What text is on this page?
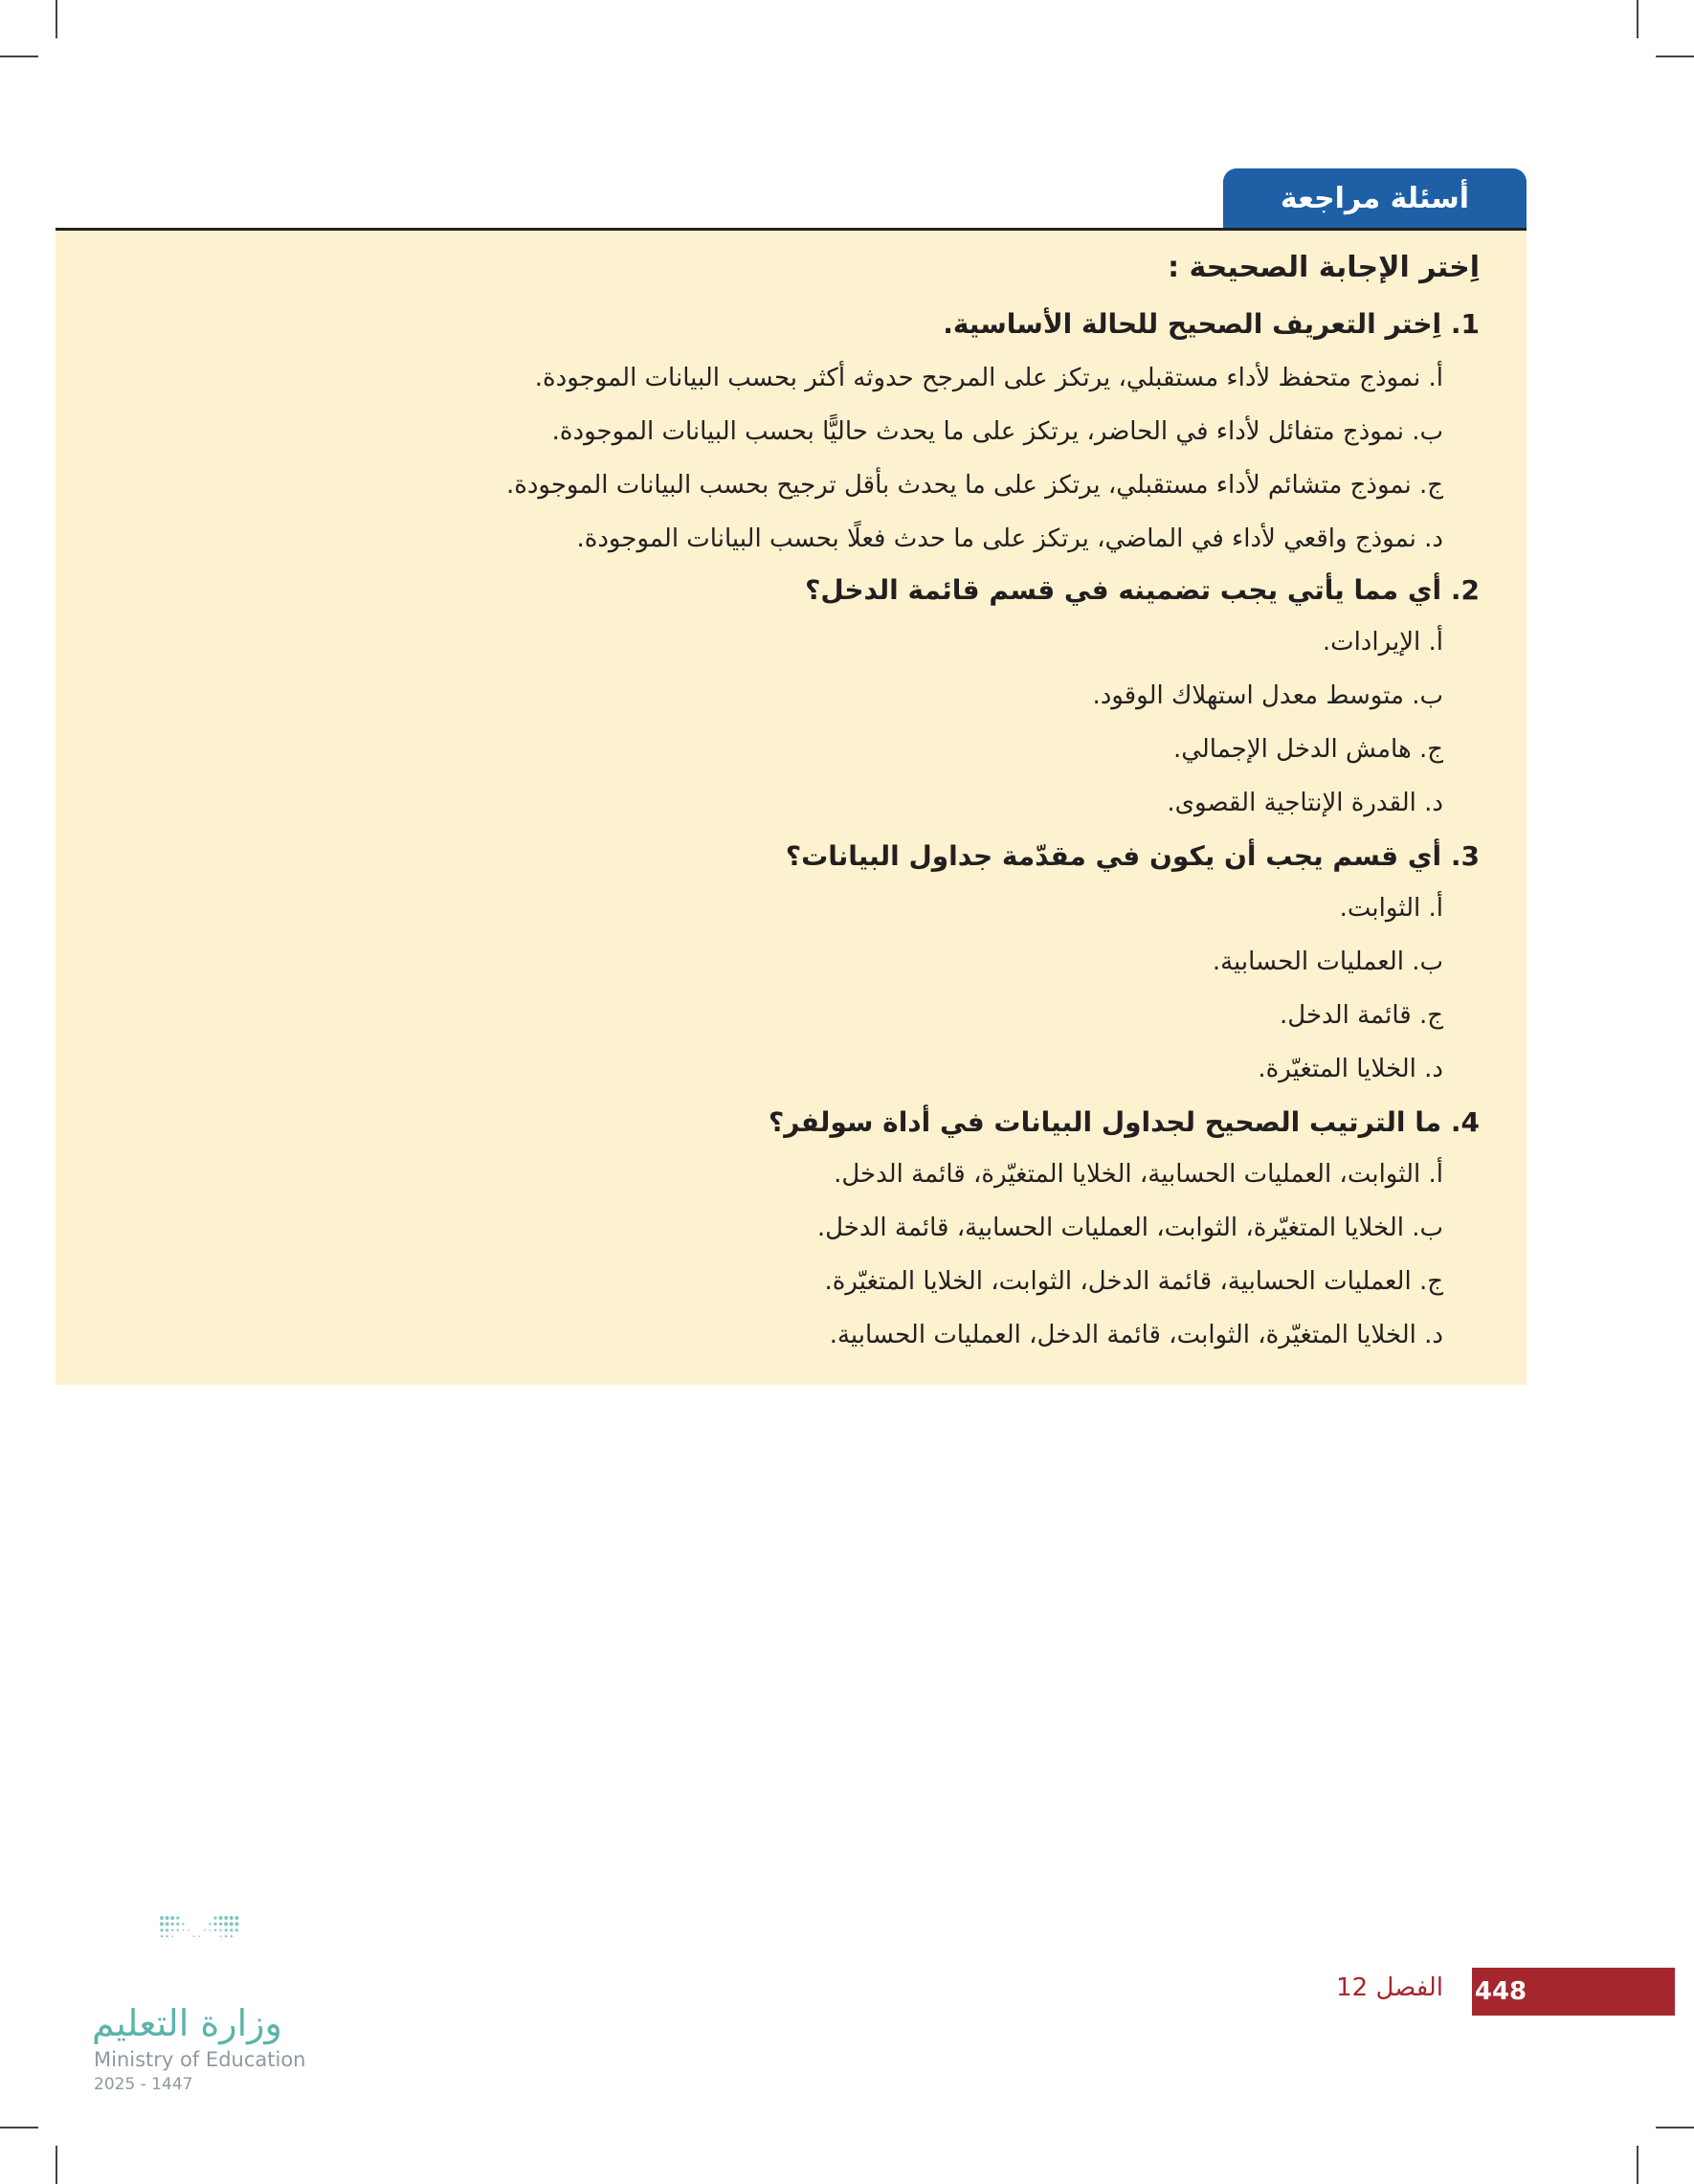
أسئلة مراجعة
اِختر الإجابة الصحيحة :
1. اِختر التعريف الصحيح للحالة الأساسية.
أ. نموذج متحفظ لأداء مستقبلي، يرتكز على المرجح حدوثه أكثر بحسب البيانات الموجودة.
ب. نموذج متفائل لأداء في الحاضر، يرتكز على ما يحدث حاليًّا بحسب البيانات الموجودة.
ج. نموذج متشائم لأداء مستقبلي، يرتكز على ما يحدث بأقل ترجيح بحسب البيانات الموجودة.
د. نموذج واقعي لأداء في الماضي، يرتكز على ما حدث فعلًا بحسب البيانات الموجودة.
2. أي مما يأتي يجب تضمينه في قسم قائمة الدخل؟
أ. الإيرادات.
ب. متوسط معدل استهلاك الوقود.
ج. هامش الدخل الإجمالي.
د. القدرة الإنتاجية القصوى.
3. أي قسم يجب أن يكون في مقدّمة جداول البيانات؟
أ. الثوابت.
ب. العمليات الحسابية.
ج. قائمة الدخل.
د. الخلايا المتغيّرة.
4. ما الترتيب الصحيح لجداول البيانات في أداة سولفر؟
أ. الثوابت، العمليات الحسابية، الخلايا المتغيّرة، قائمة الدخل.
ب. الخلايا المتغيّرة، الثوابت، العمليات الحسابية، قائمة الدخل.
ج. العمليات الحسابية، قائمة الدخل، الثوابت، الخلايا المتغيّرة.
د. الخلايا المتغيّرة، الثوابت، قائمة الدخل، العمليات الحسابية.
448
الفصل 12
وزارة التعليم
Ministry of Education
2025 - 1447
